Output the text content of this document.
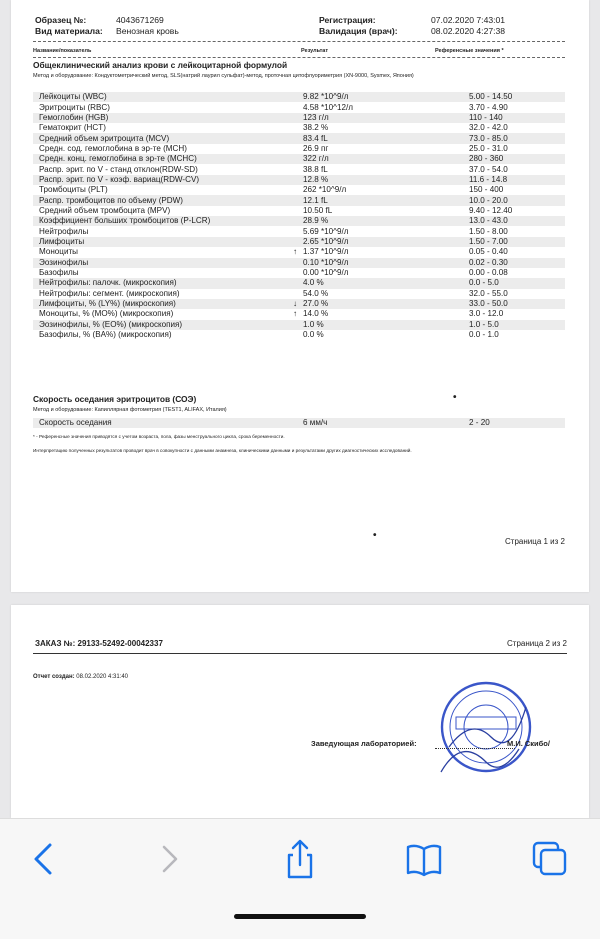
Образец №:	4043671269
Вид материала: Венозная кровь
Регистрация:	07.02.2020 7:43:01
Валидация (врач):	08.02.2020 4:27:38
Название/показатель	Результат	Референсные значения *
Общеклинический анализ крови с лейкоцитарной формулой
Метод и оборудование: Кондуктометрический метод, SLS(натрий лаурил сульфат)-метод, проточная цитофлуориметрия (XN-9000, Sysmex, Япония)
Лейкоциты (WBC)		9.82 *10^9/л	5.00 - 14.50
Эритроциты (RBC)		4.58 *10^12/л	3.70 - 4.90
Гемоглобин (HGB)		123 г/л	110 - 140
Гематокрит (HCT)		38.2 %	32.0 - 42.0
Средний объем эритроцита (MCV)		83.4 fL	73.0 - 85.0
Средн. сод. гемоглобина в эр-те (MCH)		26.9 пг	25.0 - 31.0
Средн. конц. гемоглобина в эр-те (MCHC)		322 г/л	280 - 360
Распр. эрит. по V - станд отклон(RDW-SD)		38.8 fL	37.0 - 54.0
Распр. эрит. по V - коэф. вариац(RDW-CV)		12.8 %	11.6 - 14.8
Тромбоциты (PLT)		262 *10^9/л	150 - 400
Распр. тромбоцитов по объему (PDW)		12.1 fL	10.0 - 20.0
Средний объем тромбоцита (MPV)		10.50 fL	9.40 - 12.40
Коэффициент больших тромбоцитов (P-LCR)		28.9 %	13.0 - 43.0
Нейтрофилы		5.69 *10^9/л	1.50 - 8.00
Лимфоциты		2.65 *10^9/л	1.50 - 7.00
Моноциты	↑	1.37 *10^9/л	0.05 - 0.40
Эозинофилы		0.10 *10^9/л	0.02 - 0.30
Базофилы		0.00 *10^9/л	0.00 - 0.08
Нейтрофилы: палочк. (микроскопия)		4.0 %	0.0 - 5.0
Нейтрофилы: сегмент. (микроскопия)		54.0 %	32.0 - 55.0
Лимфоциты, % (LY%) (микроскопия)	↓	27.0 %	33.0 - 50.0
Моноциты, % (MO%) (микроскопия)	↑	14.0 %	3.0 - 12.0
Эозинофилы, % (EO%) (микроскопия)		1.0 %	1.0 - 5.0
Базофилы, % (BA%) (микроскопия)		0.0 %	0.0 - 1.0
Скорость оседания эритроцитов (СОЭ)	•
Метод и оборудование: Капиллярная фотометрия (TEST1, ALIFAX, Италия)
Скорость оседания		6 мм/ч	2 - 20
* - Референсные значения приводятся с учетом возраста, пола, фазы менструального цикла, срока беременности.
Интерпретацию полученных результатов проводит врач в совокупности с данными анамнеза, клиническими данными и результатами других диагностических исследований.
•
Страница 1 из 2
ЗАКАЗ №: 29133-52492-00042337	Страница 2 из 2
Отчет создан: 08.02.2020 4:31:40
Заведующая лабораторией:	М.И. Скибо/
